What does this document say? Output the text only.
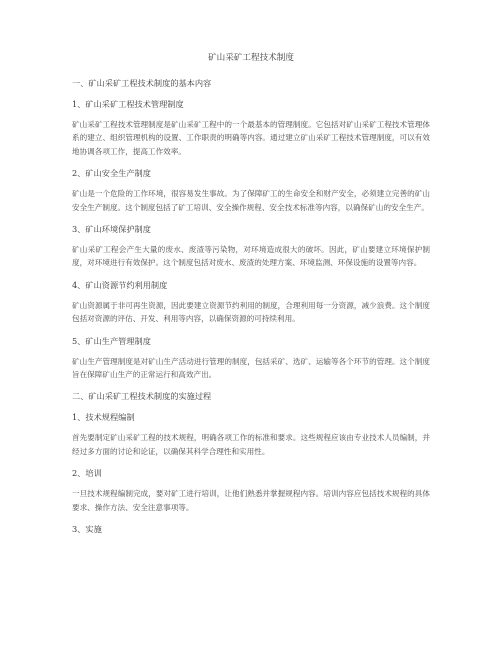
矿山采矿工程技术制度
一、矿山采矿工程技术制度的基本内容
1、矿山采矿工程技术管理制度
矿山采矿工程技术管理制度是矿山采矿工程中的一个最基本的管理制度。它包括对矿山采矿工程技术管理体系的建立、组织管理机构的设置、工作职责的明确等内容。通过建立矿山采矿工程技术管理制度，可以有效地协调各项工作，提高工作效率。
2、矿山安全生产制度
矿山是一个危险的工作环境，很容易发生事故。为了保障矿工的生命安全和财产安全，必须建立完善的矿山安全生产制度。这个制度包括了矿工培训、安全操作规程、安全技术标准等内容，以确保矿山的安全生产。
3、矿山环境保护制度
矿山采矿工程会产生大量的废水、废渣等污染物，对环境造成很大的破坏。因此，矿山要建立环境保护制度，对环境进行有效保护。这个制度包括对废水、废渣的处理方案、环境监测、环保设施的设置等内容。
4、矿山资源节约利用制度
矿山资源属于非可再生资源，因此要建立资源节约利用的制度，合理利用每一分资源，减少浪费。这个制度包括对资源的评估、开发、利用等内容，以确保资源的可持续利用。
5、矿山生产管理制度
矿山生产管理制度是对矿山生产活动进行管理的制度，包括采矿、选矿、运输等各个环节的管理。这个制度旨在保障矿山生产的正常运行和高效产出。
二、矿山采矿工程技术制度的实施过程
1、技术规程编制
首先要制定矿山采矿工程的技术规程，明确各项工作的标准和要求。这些规程应该由专业技术人员编制，并经过多方面的讨论和论证，以确保其科学合理性和实用性。
2、培训
一旦技术规程编制完成，要对矿工进行培训，让他们熟悉并掌握规程内容。培训内容应包括技术规程的具体要求、操作方法、安全注意事项等。
3、实施
